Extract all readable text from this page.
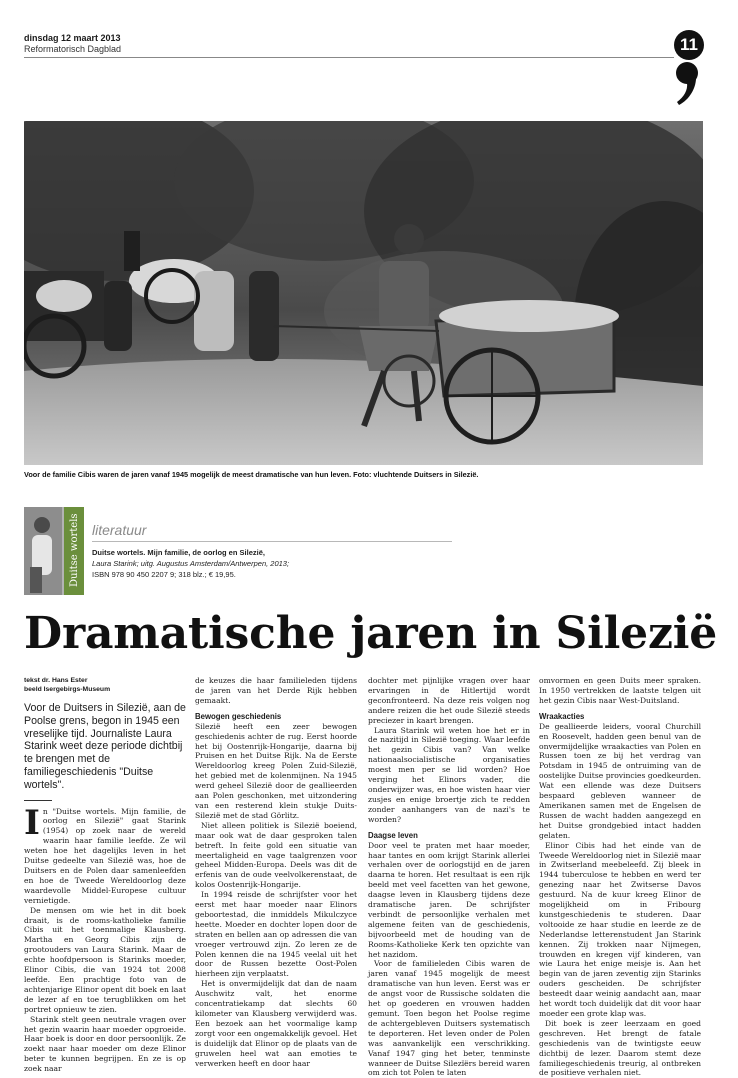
dinsdag 12 maart 2013
Reformatorisch Dagblad	11
Voor de familie Cibis waren de jaren vanaf 1945 mogelijk de meest dramatische van hun leven. Foto: vluchtende Duitsers in Silezië.
Duitse wortels literatuur
Duitse wortels. Mijn familie, de oorlog en Silezië,
Laura Starink; uitg. Augustus Amsterdam/Antwerpen, 2013;
ISBN 978 90 450 2207 9; 318 blz.; € 19,95.
Dramatische jaren in Silezië
tekst dr. Hans Ester
beeld Isergebirgs-Museum
Voor de Duitsers in Silezië, aan de Poolse grens, begon in 1945 een vreselijke tijd. Journaliste Laura Starink weet deze periode dichtbij te brengen met de familiegeschiedenis "Duitse wortels".

In "Duitse wortels. Mijn familie, de oorlog en Silezië" gaat Starink (1954) op zoek naar de wereld waarin haar familie leefde. Ze wil weten hoe het dagelijks leven in het Duitse gedeelte van Silezië was, hoe de Duitsers en de Polen daar samenleefden en hoe de Tweede Wereldoorlog deze waardevolle Middel-Europese cultuur vernietigde.

De mensen om wie het in dit boek draait, is de rooms-katholieke familie Cibis uit het toenmalige Klausberg. Martha en Georg Cibis zijn de grootouders van Laura Starink. Maar de echte hoofdpersoon is Starinks moeder, Elinor Cibis, die van 1924 tot 2008 leefde. Een prachtige foto van de achtenjarige Elinor opent dit boek en laat de lezer af en toe terugblikken om het portret opnieuw te zien.

Starink stelt geen neutrale vragen over het gezin waarin haar moeder opgroeide. Haar boek is door en door persoonlijk. Ze zoekt naar haar moeder om deze Elinor beter te kunnen begrijpen. En ze is op zoek naar

de keuzes die haar familieleden tijdens de jaren van het Derde Rijk hebben gemaakt.

Bewogen geschiedenis

Silezië heeft een zeer bewogen geschiedenis achter de rug. Eerst hoorde het bij Oostenrijk-Hongarije, daarna bij Pruisen en het Duitse Rijk. Na de Eerste Wereldoorlog kreeg Polen Zuid-Silezië, het gebied met de kolenmijnen. Na 1945 werd geheel Silezië door de geallieerden aan Polen geschonken, met uitzondering van een resterend klein stukje Duits-Silezië met de stad Görlitz.

Niet alleen politiek is Silezië boeiend, maar ook wat de daar gesproken talen betreft. In feite gold een situatie van meertaligheid en vage taalgrenzen voor geheel Midden-Europa. Deels was dit de erfenis van de oude veelvolkerenstaat, de kolos Oostenrijk-Hongarije.

In 1994 reisde de schrijfster voor het eerst met haar moeder naar Elinors geboortestad, die inmiddels Mikulczyce heette. Moeder en dochter lopen door de straten en bellen aan op adressen die van vroeger vertrouwd zijn. Zo leren ze de Polen kennen die na 1945 veelal uit het door de Russen bezette Oost-Polen hierheen zijn verplaatst.

Het is onvermijdelijk dat dan de naam Auschwitz valt, het enorme concentratiekamp dat slechts 60 kilometer van Klausberg verwijderd was. Een bezoek aan het voormalige kamp zorgt voor een ongemakkelijk gevoel. Het is duidelijk dat Elinor op de plaats van de gruwelen heel wat aan emoties te verwerken heeft en door haar

dochter met pijnlijke vragen over haar ervaringen in de Hitlertijd wordt geconfronteerd. Na deze reis volgen nog andere reizen die het oude Silezië steeds preciezer in kaart brengen.

Laura Starink wil weten hoe het er in de nazitijd in Silezië toeging. Waar leefde het gezin Cibis van? Van welke nationaalsocialistische organisaties moest men per se lid worden? Hoe verging het Elinors vader, die onderwijzer was, en hoe wisten haar vier zusjes en enige broertje zich te redden zonder aanhangers van de nazi's te worden?

Daagse leven

Door veel te praten met haar moeder, haar tantes en oom krijgt Starink allerlei verhalen over de oorlogstijd en de jaren daarna te horen. Het resultaat is een rijk beeld met veel facetten van het gewone, daagse leven in Klausberg tijdens deze dramatische jaren. De schrijfster verbindt de persoonlijke verhalen met algemene feiten van de geschiedenis, bijvoorbeeld met de houding van de Rooms-Katholieke Kerk ten opzichte van het nazidom.

Voor de familieleden Cibis waren de jaren vanaf 1945 mogelijk de meest dramatische van hun leven. Eerst was er de angst voor de Russische soldaten die het op goederen en vrouwen hadden gemunt. Toen begon het Poolse regime de achtergebleven Duitsers systematisch te deporteren. Het leven onder de Polen was aanvankelijk een verschrikking. Vanaf 1947 ging het beter, tenminste wanneer de Duitse Silezïërs bereid waren om zich tot Polen te laten

omvormen en geen Duits meer spraken. In 1950 vertrekken de laatste telgen uit het gezin Cibis naar West-Duitsland.

Wraakacties

De geallieerde leiders, vooral Churchill en Roosevelt, hadden geen benul van de onvermijdelijke wraakacties van Polen en Russen toen ze bij het verdrag van Potsdam in 1945 de ontruiming van de oostelijke Duitse provincies goedkeurden. Wat een ellende was deze Duitsers bespaard gebleven wanneer de Amerikanen samen met de Engelsen de Russen de wacht hadden aangezegd en het Duitse grondgebied intact hadden gelaten.

Elinor Cibis had het einde van de Tweede Wereldoorlog niet in Silezië maar in Zwitserland meebeleefd. Zij bleek in 1944 tuberculose te hebben en werd ter genezing naar het Zwitserse Davos gestuurd. Na de kuur kreeg Elinor de mogelijkheid om in Fribourg kunstgeschiedenis te studeren. Daar voltooide ze haar studie en leerde ze de Nederlandse letterenstudent Jan Starink kennen. Zij trokken naar Nijmegen, trouwden en kregen vijf kinderen, van wie Laura het enige meisje is. Aan het begin van de jaren zeventig zijn Starinks ouders gescheiden. De schrijfster besteedt daar weinig aandacht aan, maar het wordt toch duidelijk dat dit voor haar moeder een grote klap was.

Dit boek is zeer leerzaam en goed geschreven. Het brengt de fatale geschiedenis van de twintigste eeuw dichtbij de lezer. Daarom stemt deze familiegeschiedenis treurig, al ontbreken de positieve verhalen niet.
